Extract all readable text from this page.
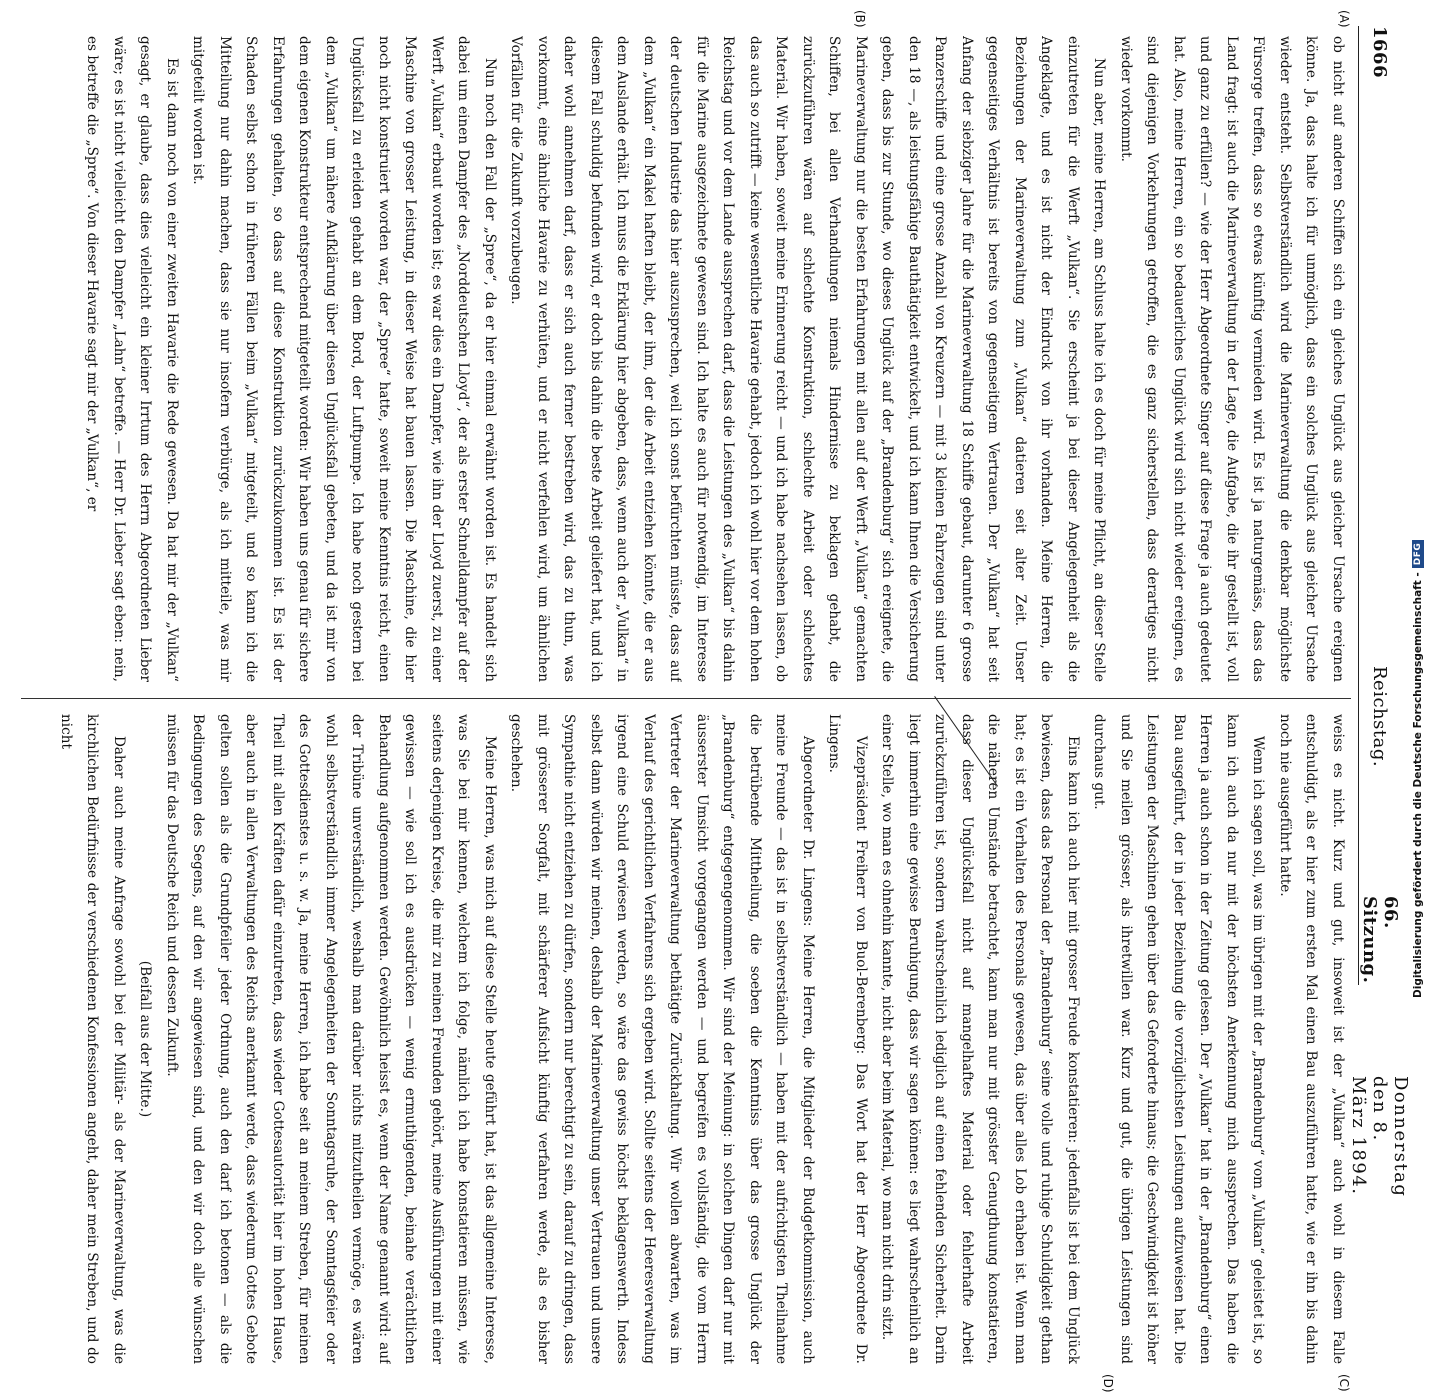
1666
Reichstag.
66. Sitzung.
Donnerstag den 8. März 1894.
(A)
(B)
(C)
(D)

ob nicht auf anderen Schiffen sich ein gleiches Unglück aus gleicher Ursache ereignen könne. Ja, dass halte ich für unmöglich, dass ein solches Unglück aus gleicher Ursache wieder entsteht. Selbstverständlich wird die Marineverwaltung die denkbar möglichste Fürsorge treffen, dass so etwas künftig vermieden wird. Es ist ja naturgemäss, dass das Land fragt: ist auch die Marineverwaltung in der Lage, die Aufgabe, die ihr gestellt ist, voll und ganz zu erfüllen? — wie der Herr Abgeordnete Singer auf diese Frage ja auch gedeutet hat. Also, meine Herren, ein so bedauerliches Unglück wird sich nicht wieder ereignen, es sind diejenigen Vorkehrungen getroffen, die es ganz sicherstellen, dass derartiges nicht wieder vorkommt.

Nun aber, meine Herren, am Schluss halte ich es doch für meine Pflicht, an dieser Stelle einzutreten für die Werft „Vulkan“. Sie erscheint ja bei dieser Angelegenheit als die Angeklagte, und es ist nicht der Eindruck von ihr vorhanden. Meine Herren, die Beziehungen der Marineverwaltung zum „Vulkan“ datieren seit alter Zeit. Unser gegenseitiges Verhältnis ist bereits von gegenseitigem Vertrauen. Der „Vulkan“ hat seit Anfang der siebziger Jahre für die Marineverwaltung 18 Schiffe gebaut, darunter 6 grosse Panzerschiffe und eine grosse Anzahl von Kreuzern — mit 3 kleinen Fahrzeugen sind unter den 18 —, als leistungsfähige Bauthätigkeit entwickelt, und ich kann Ihnen die Versicherung geben, dass bis zur Stunde, wo dieses Unglück auf der „Brandenburg“ sich ereignete, die Marineverwaltung nur die besten Erfahrungen mit allen auf der Werft „Vulkan“ gemachten Schiffen, bei allen Verhandlungen niemals Hindernisse zu beklagen gehabt, die zurückzuführen wären auf schlechte Konstruktion, schlechte Arbeit oder schlechtes Material. Wir haben, soweit meine Erinnerung reicht — und ich habe nachsehen lassen, ob das auch so zutrifft — keine wesentliche Havarie gehabt, jedoch ich wohl hier vor dem hohen Reichstag und vor dem Lande aussprechen darf, dass die Leistungen des „Vulkan“ bis dahin für die Marine ausgezeichnete gewesen sind. Ich halte es auch für notwendig, im Interesse der deutschen Industrie das hier auszusprechen, weil ich sonst befürchten müsste, dass auf dem „Vulkan“ ein Makel haften bleibt, der ihm, der die Arbeit entziehen könnte, die er aus dem Auslande erhält. Ich muss die Erklärung hier abgeben, dass, wenn auch der „Vulkan“ in diesem Fall schuldig befunden wird, er doch bis dahin die beste Arbeit geliefert hat, und ich daher wohl annehmen darf, dass er sich auch ferner bestreben wird, das zu thun, was vorkommt, eine ähnliche Havarie zu verhüten, und er nicht verfehlen wird, um ähnlichen Vorfällen für die Zukunft vorzubeugen.

Nun noch den Fall der „Spree“, da er hier einmal erwähnt worden ist. Es handelt sich dabei um einen Dampfer des „Norddeutschen Lloyd“, der als erster Schnelldampfer auf der Werft „Vulkan“ erbaut worden ist; es war dies ein Dampfer, wie ihn der Lloyd zuerst, zu einer Maschine von grosser Leistung, in dieser Weise hat bauen lassen. Die Maschine, die hier noch nicht konstruiert worden war, der „Spree“ hatte, soweit meine Kenntnis reicht, einen Unglücksfall zu erleiden gehabt an dem Bord, der Luftpumpe. Ich habe noch gestern bei dem „Vulkan“ um nähere Aufklärung über diesen Unglücksfall gebeten, und da ist mir von dem eigenen Konstrukteur entsprechend mitgeteilt worden: Wir haben uns genau für sichere Erfahrungen gehalten, so dass auf diese Konstruktion zurückzukommen ist. Es ist der Schaden selbst schon in früheren Fällen beim „Vulkan“ mitgeteilt, und so kann ich die Mitteilung nur dahin machen, dass sie nur insofern verbürge, als ich mitteile, was mir mitgeteilt worden ist.

Es ist dann noch von einer zweiten Havarie die Rede gewesen. Da hat mir der „Vulkan“ gesagt, er glaube, dass dies vielleicht ein kleiner Irrtum des Herrn Abgeordneten Lieber wäre; es ist nicht vielleicht den Dampfer „Lahn“ betreffe. — Herr Dr. Lieber sagt eben: nein, es betreffe die „Spree“. Von dieser Havarie sagt mir der „Vulkan“, er

weiss es nicht. Kurz und gut, insoweit ist der „Vulkan“ auch wohl in diesem Falle entschuldigt, als er hier zum ersten Mal einen Bau auszuführen hatte, wie er ihn bis dahin noch nie ausgeführt hatte.

Wenn ich sagen soll, was im übrigen mit der „Brandenburg“ vom „Vulkan“ geleistet ist, so kann ich auch da nur mit der höchsten Anerkennung mich aussprechen. Das haben die Herren ja auch schon in der Zeitung gelesen. Der „Vulkan“ hat in der „Brandenburg“ einen Bau ausgeführt, der in jeder Beziehung die vorzüglichsten Leistungen aufzuweisen hat. Die Leistungen der Maschinen gehen über das Geforderte hinaus; die Geschwindigkeit ist höher und Sie meilen grösser, als ihretwillen war. Kurz und gut, die übrigen Leistungen sind durchaus gut.

Eins kann ich auch hier mit grosser Freude konstatieren: jedenfalls ist bei dem Unglück bewiesen, dass das Personal der „Brandenburg“ seine volle und ruhige Schuldigkeit gethan hat; es ist ein Verhalten des Personals gewesen, das über alles Lob erhaben ist. Wenn man die näheren Umstände betrachtet, kann man nur mit grösster Genugthuung konstatieren, dass dieser Unglücksfall nicht auf mangelhaftes Material oder fehlerhafte Arbeit zurückzuführen ist, sondern wahrscheinlich lediglich auf einen fehlenden Sicherheit. Darin liegt immerhin eine gewisse Beruhigung, dass wir sagen können: es liegt wahrscheinlich an einer Stelle, wo man es ohnehin kannte, nicht aber beim Material, wo man nicht drin sitzt.

Vizepräsident Freiherr von Buol-Berenberg: Das Wort hat der Herr Abgeordnete Dr. Lingens.

Abgeordneter Dr. Lingens: Meine Herren, die Mitglieder der Budgetkommission, auch meine Freunde — das ist in selbstverständlich — haben mit der aufrichtigsten Theilnahme die betrübende Mittheilung, die soeben die Kenntniss über das grosse Unglück der „Brandenburg“ entgegengenommen. Wir sind der Meinung: in solchen Dingen darf nur mit äusserster Umsicht vorgegangen werden — und begreifen es vollständig, die vom Herrn Vertreter der Marineverwaltung bethätigte Zurückhaltung. Wir wollen abwarten, was im Verlauf des gerichtlichen Verfahrens sich ergeben wird. Sollte seitens der Heeresverwaltung irgend eine Schuld erwiesen werden, so wäre das gewiss höchst beklagenswerth. Indess selbst dann würden wir meinen, deshalb der Marineverwaltung unser Vertrauen und unsere Sympathie nicht entziehen zu dürfen, sondern nur berechtigt zu sein, darauf zu dringen, dass mit grösserer Sorgfalt, mit schärferer Aufsicht künftig verfahren werde, als es bisher geschehen.

Meine Herren, was mich auf diese Stelle heute geführt hat, ist das allgemeine Interesse, was Sie bei mir kennen, welchem ich folge, nämlich ich habe konstatieren müssen, wie seitens derjenigen Kreise, die mir zu meinen Freunden gehört, meine Ausführungen mit einer gewissen — wie soll ich es ausdrücken — wenig ermuthigenden, beinahe verächtlichen Behandlung aufgenommen werden. Gewöhnlich heisst es, wenn der Name genannt wird: auf der Tribüne unverständlich, weshalb man darüber nichts mitzutheilen vermöge, es wären wohl selbstverständlich immer Angelegenheiten der Sonntagsruhe, der Sonntagsfeier oder des Gottesdienstes u. s. w. Ja, meine Herren, ich habe seit an meinem Streben, für meinen Theil mit allen Kräften dafür einzutreten, dass wieder Gottesautorität hier im hohen Hause, aber auch in allen Verwaltungen des Reichs anerkannt werde, dass wiederum Gottes Gebote gelten sollen als die Grundpfeiler jeder Ordnung, auch den darf ich betonen — als die Bedingungen des Segens, auf den wir angewiesen sind, und den wir doch alle wünschen müssen für das Deutsche Reich und dessen Zukunft.

(Beifall aus der Mitte.)

Daher auch meine Anfrage sowohl bei der Militär- als der Marineverwaltung, was die kirchlichen Bedürfnisse der verschiedenen Konfessionen angeht, daher mein Streben, und do nicht	Digitalisierung gefördert durch die Deutsche Forschungsgemeinschaft -
DFG
